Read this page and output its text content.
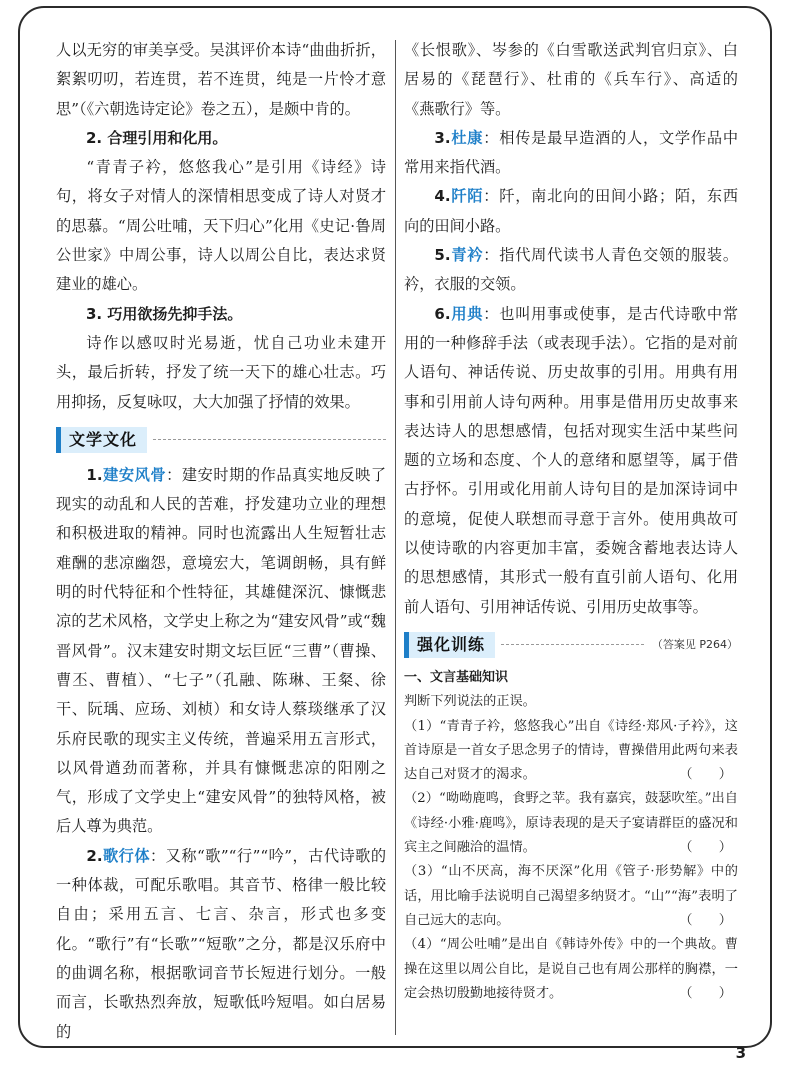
人以无穷的审美享受。吴淇评价本诗“曲曲折折，絮絮叨叨，若连贯，若不连贯，纯是一片怜才意思”（《六朝选诗定论》卷之五），是颇中肯的。

2. 合理引用和化用。

“青青子衿，悠悠我心”是引用《诗经》诗句，将女子对情人的深情相思变成了诗人对贤才的思慕。“周公吐哺，天下归心”化用《史记·鲁周公世家》中周公事，诗人以周公自比，表达求贤建业的雄心。

3. 巧用欲扬先抑手法。

诗作以感叹时光易逝，忧自己功业未建开头，最后折转，抒发了统一天下的雄心壮志。巧用抑扬，反复咏叹，大大加强了抒情的效果。

文学文化

1.建安风骨：建安时期的作品真实地反映了现实的动乱和人民的苦难，抒发建功立业的理想和积极进取的精神。同时也流露出人生短暂壮志难酬的悲凉幽怨，意境宏大，笔调朗畅，具有鲜明的时代特征和个性特征，其雄健深沉、慷慨悲凉的艺术风格，文学史上称之为“建安风骨”或“魏晋风骨”。汉末建安时期文坛巨匠“三曹”（曹操、曹丕、曹植）、“七子”（孔融、陈琳、王粲、徐干、阮瑀、应玚、刘桢）和女诗人蔡琰继承了汉乐府民歌的现实主义传统，普遍采用五言形式，以风骨遒劲而著称，并具有慷慨悲凉的阳刚之气，形成了文学史上“建安风骨”的独特风格，被后人尊为典范。

2.歌行体：又称“歌”“行”“吟”，古代诗歌的一种体裁，可配乐歌唱。其音节、格律一般比较自由；采用五言、七言、杂言，形式也多变化。“歌行”有“长歌”“短歌”之分，都是汉乐府中的曲调名称，根据歌词音节长短进行划分。一般而言，长歌热烈奔放，短歌低吟短唱。如白居易的

《长恨歌》、岑参的《白雪歌送武判官归京》、白居易的《琵琶行》、杜甫的《兵车行》、高适的《燕歌行》等。

3.杜康：相传是最早造酒的人，文学作品中常用来指代酒。

4.阡陌：阡，南北向的田间小路；陌，东西向的田间小路。

5.青衿：指代周代读书人青色交领的服装。衿，衣服的交领。

6.用典：也叫用事或使事，是古代诗歌中常用的一种修辞手法（或表现手法）。它指的是对前人语句、神话传说、历史故事的引用。用典有用事和引用前人诗句两种。用事是借用历史故事来表达诗人的思想感情，包括对现实生活中某些问题的立场和态度、个人的意绪和愿望等，属于借古抒怀。引用或化用前人诗句目的是加深诗词中的意境，促使人联想而寻意于言外。使用典故可以使诗歌的内容更加丰富，委婉含蓄地表达诗人的思想感情，其形式一般有直引前人语句、化用前人语句、引用神话传说、引用历史故事等。

强化训练	（答案见 P264）

一、文言基础知识

判断下列说法的正误。

（1）“青青子衿，悠悠我心”出自《诗经·郑风·子衿》，这首诗原是一首女子思念男子的情诗，曹操借用此两句来表达自己对贤才的渴求。	（　　）

（2）“呦呦鹿鸣，食野之苹。我有嘉宾，鼓瑟吹笙。”出自《诗经·小雅·鹿鸣》，原诗表现的是天子宴请群臣的盛况和宾主之间融洽的温情。	（　　）

（3）“山不厌高，海不厌深”化用《管子·形势解》中的话，用比喻手法说明自己渴望多纳贤才。“山”“海”表明了自己远大的志向。	（　　）

（4）“周公吐哺”是出自《韩诗外传》中的一个典故。曹操在这里以周公自比，是说自己也有周公那样的胸襟，一定会热切殷勤地接待贤才。	（　　）

3
